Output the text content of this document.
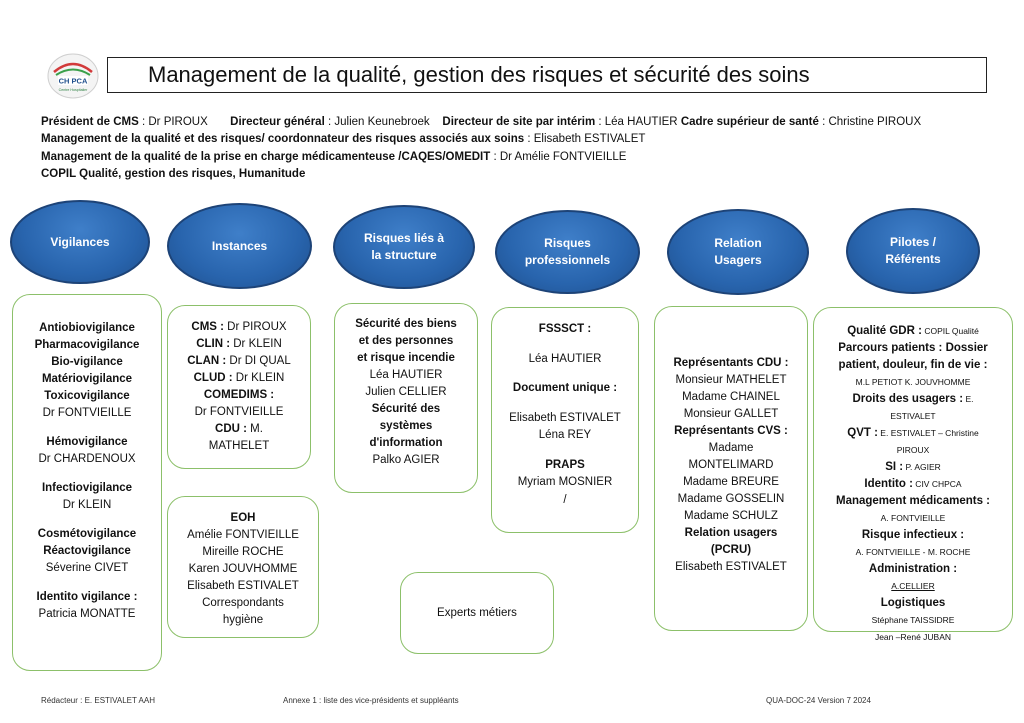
CH PCA
Centre Hospitalier
Management de la qualité, gestion des risques et sécurité des soins
Président de CMS : Dr PIROUX Directeur général : Julien Keunebroek Directeur de site par intérim : Léa HAUTIER Cadre supérieur de santé : Christine PIROUX
Management de la qualité et des risques/ coordonnateur des risques associés aux soins : Elisabeth ESTIVALET
Management de la qualité de la prise en charge médicamenteuse /CAQES/OMEDIT : Dr Amélie FONTVIEILLE
COPIL Qualité, gestion des risques, Humanitude
Vigilances	Instances
Risques liés à la structure
Risques professionnels
Relation Usagers
Pilotes / Référents
Antiobiovigilance
Pharmacovigilance
Bio-vigilance
Matériovigilance
Toxicovigilance
Dr FONTVIEILLE
Hémovigilance
Dr CHARDENOUX
Infectiovigilance
Dr KLEIN
Cosmétovigilance
Réactovigilance
Séverine CIVET
Identito vigilance :
Patricia MONATTE
CMS : Dr PIROUX
CLIN : Dr KLEIN
CLAN : Dr DI QUAL
CLUD : Dr KLEIN
COMEDIMS :
Dr FONTVIEILLE
CDU : M.
MATHELET
EOH
Amélie FONTVIEILLE
Mireille ROCHE
Karen JOUVHOMME
Elisabeth ESTIVALET
Correspondants
hygiène
Sécurité des biens
et des personnes
et risque incendie
Léa HAUTIER
Julien CELLIER
Sécurité des
systèmes
d'information
Palko AGIER
Experts métiers
FSSSCT :
Léa HAUTIER
Document unique :
Elisabeth ESTIVALET
Léna REY
PRAPS
Myriam MOSNIER
/
Représentants CDU :
Monsieur MATHELET
Madame CHAINEL
Monsieur GALLET
Représentants CVS :
Madame
MONTELIMARD
Madame BREURE
Madame GOSSELIN
Madame SCHULZ
Relation usagers
(PCRU)
Elisabeth ESTIVALET
Qualité GDR : COPIL Qualité
Parcours patients : Dossier
patient, douleur, fin de vie :
M.L PETIOT K. JOUVHOMME
Droits des usagers : E.
ESTIVALET
QVT : E. ESTIVALET – Christine
PIROUX
SI : P. AGIER
Identito : CIV CHPCA
Management médicaments :
A. FONTVIEILLE
Risque infectieux :
A. FONTVIEILLE - M. ROCHE
Administration :
A.CELLIER
Logistiques
Stéphane TAISSIDRE
Jean –René JUBAN
Rédacteur : E. ESTIVALET AAH	Annexe 1 : liste des vice-présidents et suppléants	QUA-DOC-24 Version 7 2024
